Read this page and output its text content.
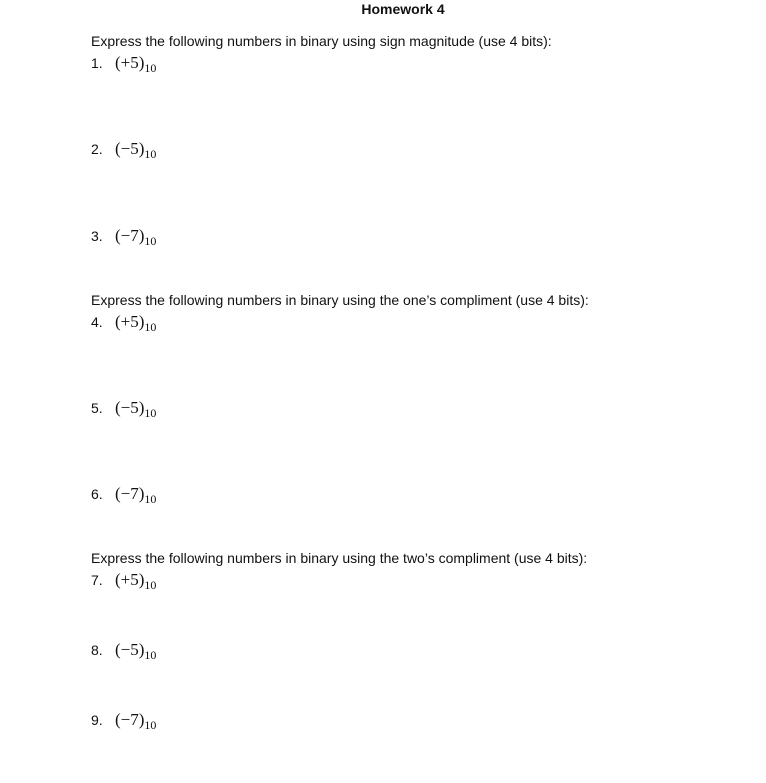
Homework 4
Express the following numbers in binary using sign magnitude (use 4 bits):
1. (+5) 10
2. (−5) 10
3. (−7) 10
Express the following numbers in binary using the one’s compliment (use 4 bits):
4. (+5) 10
5. (−5) 10
6. (−7) 10
Express the following numbers in binary using the two’s compliment (use 4 bits):
7. (+5) 10
8. (−5) 10
9. (−7) 10
